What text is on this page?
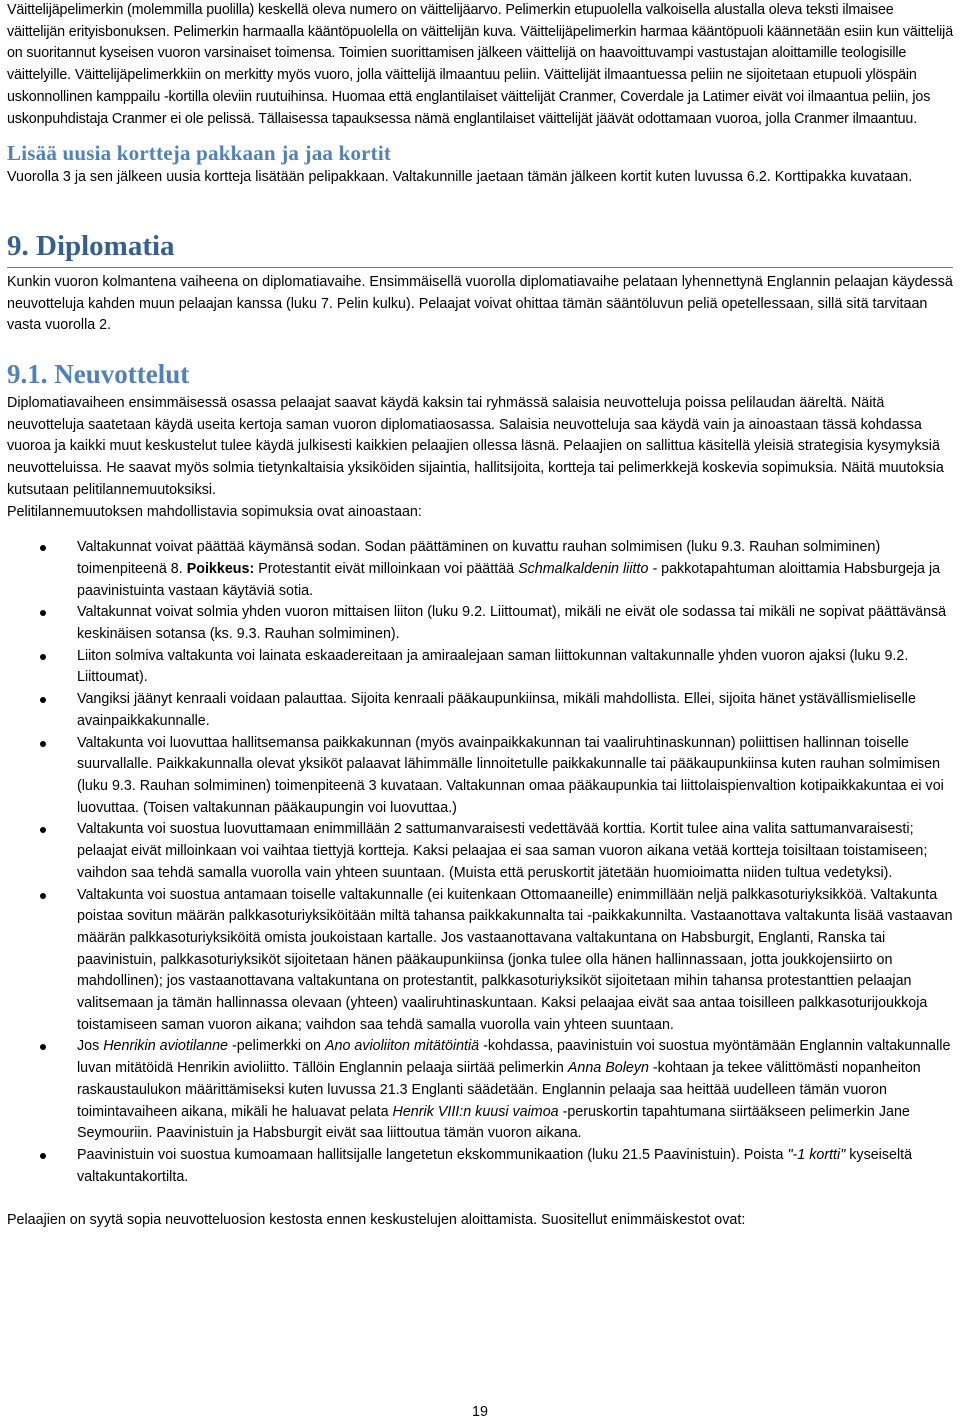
Väittelijäpelimerkin (molemmilla puolilla) keskellä oleva numero on väittelijäarvo. Pelimerkin etupuolella valkoisella alustalla oleva teksti ilmaisee väittelijän erityisbonuksen. Pelimerkin harmaalla kääntöpuolella on väittelijän kuva. Väittelijäpelimerkin harmaa kääntöpuoli käännetään esiin kun väittelijä on suoritannut kyseisen vuoron varsinaiset toimensa. Toimien suorittamisen jälkeen väittelijä on haavoittuvampi vastustajan aloittamille teologisille väittelyille. Väittelijäpelimerkkiin on merkitty myös vuoro, jolla väittelijä ilmaantuu peliin. Väittelijät ilmaantuessa peliin ne sijoitetaan etupuoli ylöspäin uskonnollinen kamppailu -kortilla oleviin ruutuihinsa. Huomaa että englantilaiset väittelijät Cranmer, Coverdale ja Latimer eivät voi ilmaantua peliin, jos uskonpuhdistaja Cranmer ei ole pelissä. Tällaisessa tapauksessa nämä englantilaiset väittelijät jäävät odottamaan vuoroa, jolla Cranmer ilmaantuu.

Lisää uusia kortteja pakkaan ja jaa kortit

Vuorolla 3 ja sen jälkeen uusia kortteja lisätään pelipakkaan. Valtakunnille jaetaan tämän jälkeen kortit kuten luvussa 6.2. Korttipakka kuvataan.

9. Diplomatia

Kunkin vuoron kolmantena vaiheena on diplomatiavaihe. Ensimmäisellä vuorolla diplomatiavaihe pelataan lyhennettynä Englannin pelaajan käydessä neuvotteluja kahden muun pelaajan kanssa (luku 7. Pelin kulku). Pelaajat voivat ohittaa tämän sääntöluvun peliä opetellessaan, sillä sitä tarvitaan vasta vuorolla 2.

9.1. Neuvottelut

Diplomatiavaiheen ensimmäisessä osassa pelaajat saavat käydä kaksin tai ryhmässä salaisia neuvotteluja poissa pelilaudan ääreltä. Näitä neuvotteluja saatetaan käydä useita kertoja saman vuoron diplomatiaosassa. Salaisia neuvotteluja saa käydä vain ja ainoastaan tässä kohdassa vuoroa ja kaikki muut keskustelut tulee käydä julkisesti kaikkien pelaajien ollessa läsnä. Pelaajien on sallittua käsitellä yleisiä strategisia kysymyksiä neuvotteluissa. He saavat myös solmia tietynkaltaisia yksiköiden sijaintia, hallitsijoita, kortteja tai pelimerkkejä koskevia sopimuksia. Näitä muutoksia kutsutaan pelitilannemuutoksiksi.

Pelitilannemuutoksen mahdollistavia sopimuksia ovat ainoastaan:

Valtakunnat voivat päättää käymänsä sodan. Sodan päättäminen on kuvattu rauhan solmimisen (luku 9.3. Rauhan solmiminen) toimenpiteenä 8. Poikkeus: Protestantit eivät milloinkaan voi päättää Schmalkaldenin liitto - pakkotapahtuman aloittamia Habsburgeja ja paavinistuinta vastaan käytäviä sotia.
Valtakunnat voivat solmia yhden vuoron mittaisen liiton (luku 9.2. Liittoumat), mikäli ne eivät ole sodassa tai mikäli ne sopivat päättävänsä keskinäisen sotansa (ks. 9.3. Rauhan solmiminen).
Liiton solmivа valtakunta voi lainata eskaadereitaan ja amiraalejaan saman liittokunnan valtakunnalle yhden vuoron ajaksi (luku 9.2. Liittoumat).
Vangiksi jäänyt kenraali voidaan palauttaa. Sijoita kenraali pääkaupunkiinsa, mikäli mahdollista. Ellei, sijoita hänet ystävällismieliselle avainpaikkakunnalle.
Valtakunta voi luovuttaa hallitsemansa paikkakunnan (myös avainpaikkakunnan tai vaaliruhtinaskunnan) poliittisen hallinnan toiselle suurvallalle. Paikkakunnalla olevat yksiköt palaavat lähimmälle linnoitetulle paikkakunnalle tai pääkaupunkiinsa kuten rauhan solmimisen (luku 9.3. Rauhan solmiminen) toimenpiteenä 3 kuvataan. Valtakunnan omaa pääkaupunkia tai liittolaispienvaltion kotipaikkakuntaa ei voi luovuttaa. (Toisen valtakunnan pääkaupungin voi luovuttaa.)
Valtakunta voi suostua luovuttamaan enimmillään 2 sattumanvaraisesti vedettävää korttia. Kortit tulee aina valita sattumanvaraisesti; pelaajat eivät milloinkaan voi vaihtaa tiettyjä kortteja. Kaksi pelaajaa ei saa saman vuoron aikana vetää kortteja toisiltaan toistamiseen; vaihdon saa tehdä samalla vuorolla vain yhteen suuntaan. (Muista että peruskortit jätetään huomioimatta niiden tultua vedetyksi).
Valtakunta voi suostua antamaan toiselle valtakunnalle (ei kuitenkaan Ottomaaneille) enimmillään neljä palkkasoturiyksikköä. Valtakunta poistaa sovitun määrän palkkasoturiyksiköitään miltä tahansa paikkakunnalta tai -paikkakunnilta. Vastaanottava valtakunta lisää vastaavan määrän palkkasoturiyksiköitä omista joukoistaan kartalle. Jos vastaanottavana valtakuntana on Habsburgit, Englanti, Ranska tai paavinistuin, palkkasoturiyksiköt sijoitetaan hänen pääkaupunkiinsa (jonka tulee olla hänen hallinnassaan, jotta joukkojensiirto on mahdollinen); jos vastaanottavana valtakuntana on protestantit, palkkasoturiyksiköt sijoitetaan mihin tahansa protestanttien pelaajan valitsemaan ja tämän hallinnassa olevaan (yhteen) vaaliruhtinaskuntaan. Kaksi pelaajaa eivät saa antaa toisilleen palkkasoturijoukkoja toistamiseen saman vuoron aikana; vaihdon saa tehdä samalla vuorolla vain yhteen suuntaan.
Jos Henrikin aviotilanne -pelimerkki on Ano avioliiton mitätöintiä -kohdassa, paavinistuin voi suostua myöntämään Englannin valtakunnalle luvan mitätöidä Henrikin avioliitto. Tällöin Englannin pelaaja siirtää pelimerkin Anna Boleyn -kohtaan ja tekee välittömästi nopanheiton raskaustaulukon määrittämiseksi kuten luvussa 21.3 Englanti säädetään. Englannin pelaaja saa heittää uudelleen tämän vuoron toimintavaiheen aikana, mikäli he haluavat pelata Henrik VIII:n kuusi vaimoa -peruskortin tapahtumana siirtääkseen pelimerkin Jane Seymouriin. Paavinistuin ja Habsburgit eivät saa liittoutua tämän vuoron aikana.
Paavinistuin voi suostua kumoamaan hallitsijalle langetetun ekskommunikaation (luku 21.5 Paavinistuin). Poista "-1 kortti" kyseiseltä valtakuntakortilta.

Pelaajien on syytä sopia neuvotteluosion kestosta ennen keskustelujen aloittamista. Suositellut enimmäiskestot ovat:

19
